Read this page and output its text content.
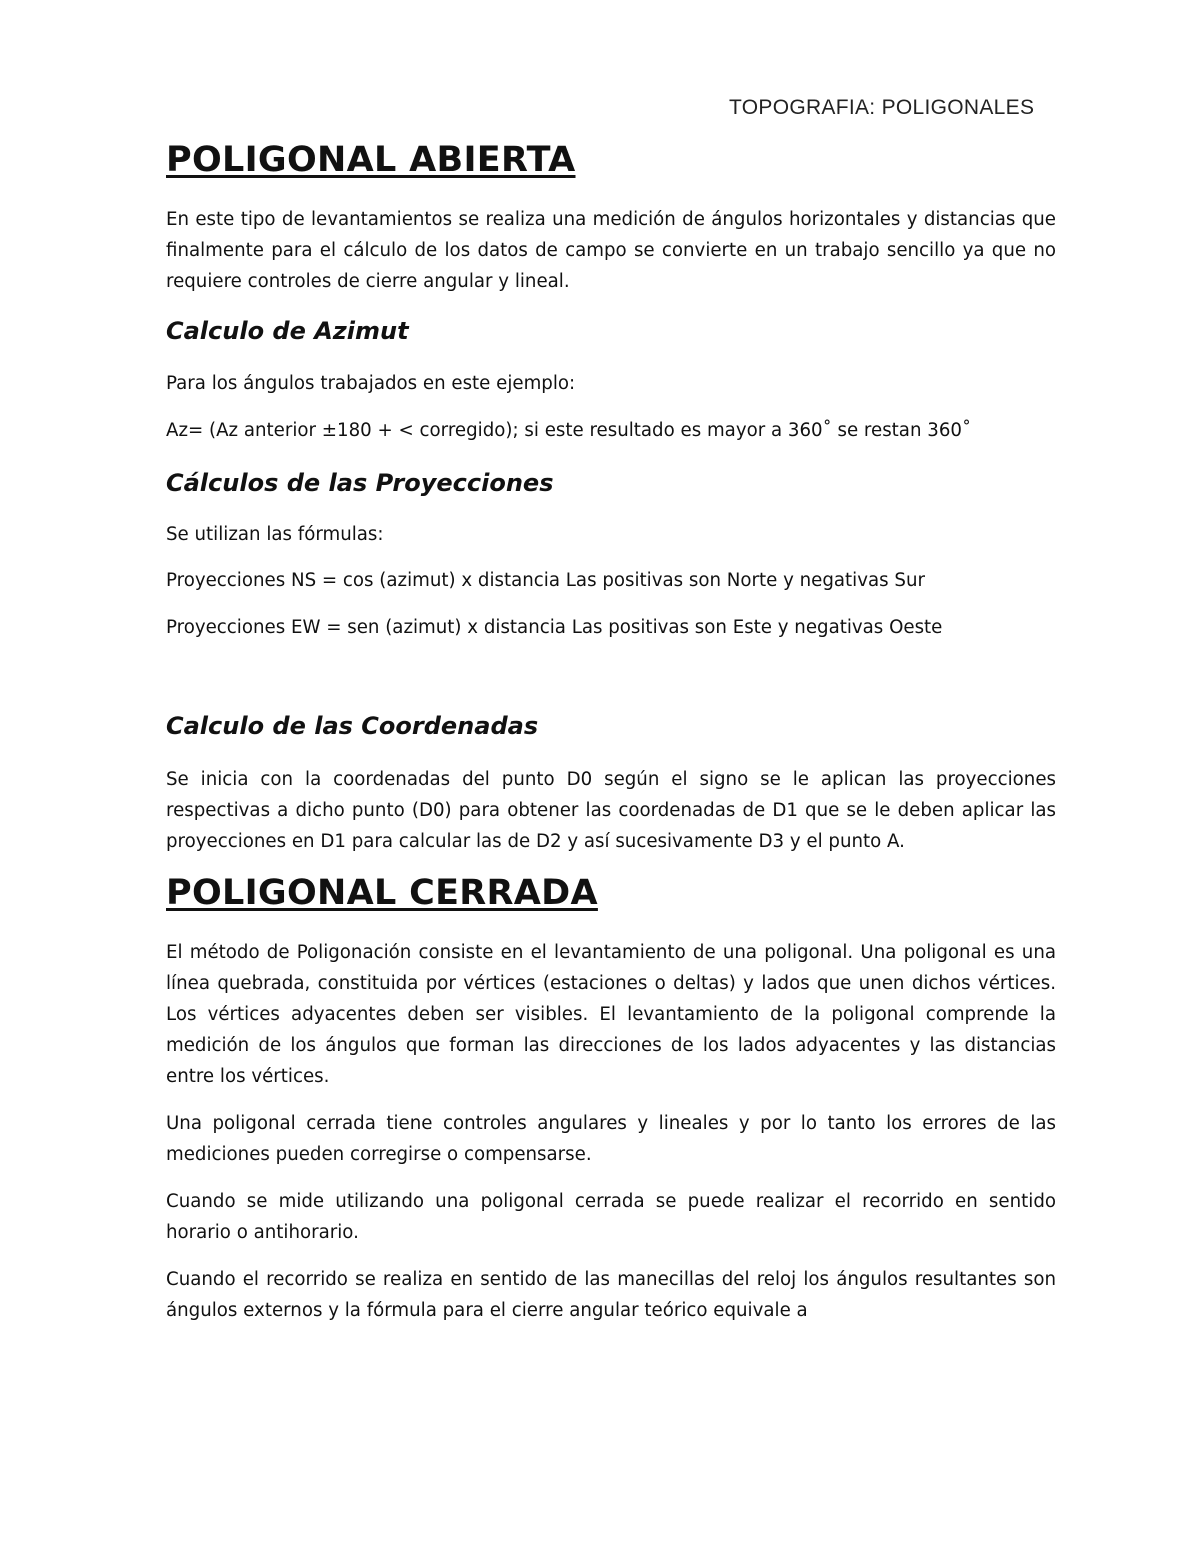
TOPOGRAFIA: POLIGONALES
POLIGONAL ABIERTA

En este tipo de levantamientos se realiza una medición de ángulos horizontales y distancias que finalmente para el cálculo de los datos de campo se convierte en un trabajo sencillo ya que no requiere controles de cierre angular y lineal.

Calculo de Azimut

Para los ángulos trabajados en este ejemplo:

Az= (Az anterior ±180 + < corregido); si este resultado es mayor a 360˚ se restan 360˚

Cálculos de las Proyecciones

Se utilizan las fórmulas:

Proyecciones NS = cos (azimut) x distancia Las positivas son Norte y negativas Sur

Proyecciones EW = sen (azimut) x distancia Las positivas son Este y negativas Oeste

Calculo de las Coordenadas

Se inicia con la coordenadas del punto D0 según el signo se le aplican las proyecciones respectivas a dicho punto (D0) para obtener las coordenadas de D1 que se le deben aplicar las proyecciones en D1 para calcular las de D2 y así sucesivamente D3 y el punto A.

POLIGONAL CERRADA

El método de Poligonación consiste en el levantamiento de una poligonal. Una poligonal es una línea quebrada, constituida por vértices (estaciones o deltas) y lados que unen dichos vértices. Los vértices adyacentes deben ser visibles. El levantamiento de la poligonal comprende la medición de los ángulos que forman las direcciones de los lados adyacentes y las distancias entre los vértices.

Una poligonal cerrada tiene controles angulares y lineales y por lo tanto los errores de las mediciones pueden corregirse o compensarse.

Cuando se mide utilizando una poligonal cerrada se puede realizar el recorrido en sentido horario o antihorario.

Cuando el recorrido se realiza en sentido de las manecillas del reloj los ángulos resultantes son ángulos externos y la fórmula para el cierre angular teórico equivale a
